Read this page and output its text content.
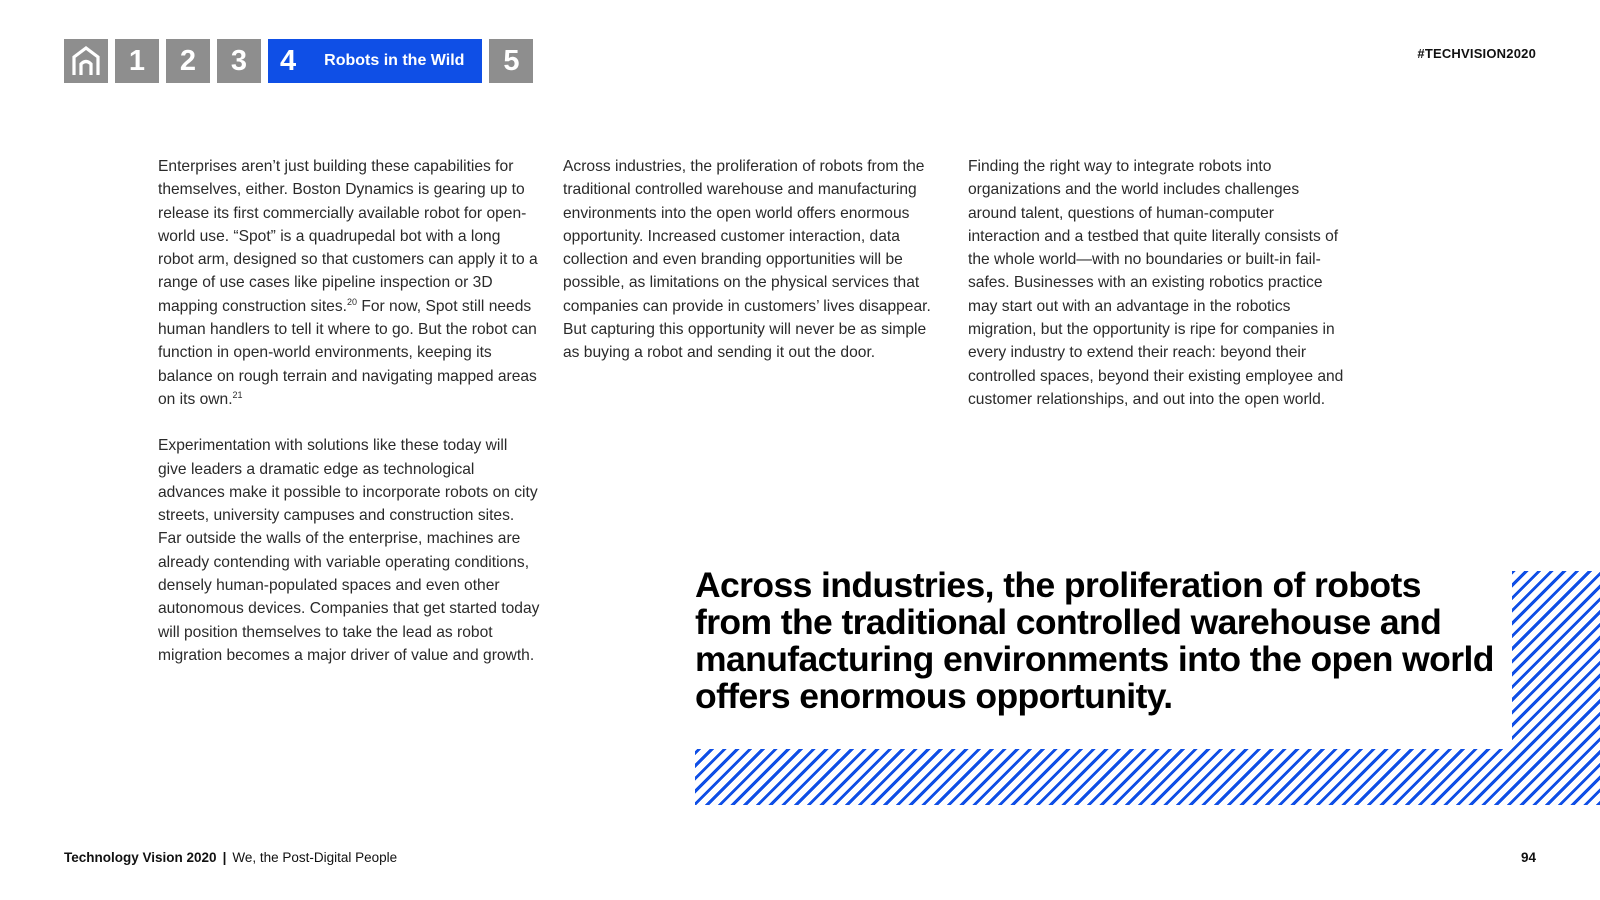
1	2	3	4 Robots in the Wild	5	#TECHVISION2020

Enterprises aren’t just building these capabilities for themselves, either. Boston Dynamics is gearing up to release its first commercially available robot for open-world use. “Spot” is a quadrupedal bot with a long robot arm, designed so that customers can apply it to a range of use cases like pipeline inspection or 3D mapping construction sites.$^{20}$ For now, Spot still needs human handlers to tell it where to go. But the robot can function in open-world environments, keeping its balance on rough terrain and navigating mapped areas on its own.$^{21}$

Experimentation with solutions like these today will give leaders a dramatic edge as technological advances make it possible to incorporate robots on city streets, university campuses and construction sites. Far outside the walls of the enterprise, machines are already contending with variable operating conditions, densely human-populated spaces and even other autonomous devices. Companies that get started today will position themselves to take the lead as robot migration becomes a major driver of value and growth.

Across industries, the proliferation of robots from the traditional controlled warehouse and manufacturing environments into the open world offers enormous opportunity. Increased customer interaction, data collection and even branding opportunities will be possible, as limitations on the physical services that companies can provide in customers’ lives disappear. But capturing this opportunity will never be as simple as buying a robot and sending it out the door.

Finding the right way to integrate robots into organizations and the world includes challenges around talent, questions of human-computer interaction and a testbed that quite literally consists of the whole world—with no boundaries or built-in fail-safes. Businesses with an existing robotics practice may start out with an advantage in the robotics migration, but the opportunity is ripe for companies in every industry to extend their reach: beyond their controlled spaces, beyond their existing employee and customer relationships, and out into the open world.

Across industries, the proliferation of robots from the traditional controlled warehouse and manufacturing environments into the open world offers enormous opportunity.
Technology Vision 2020 | We, the Post-Digital People	94
